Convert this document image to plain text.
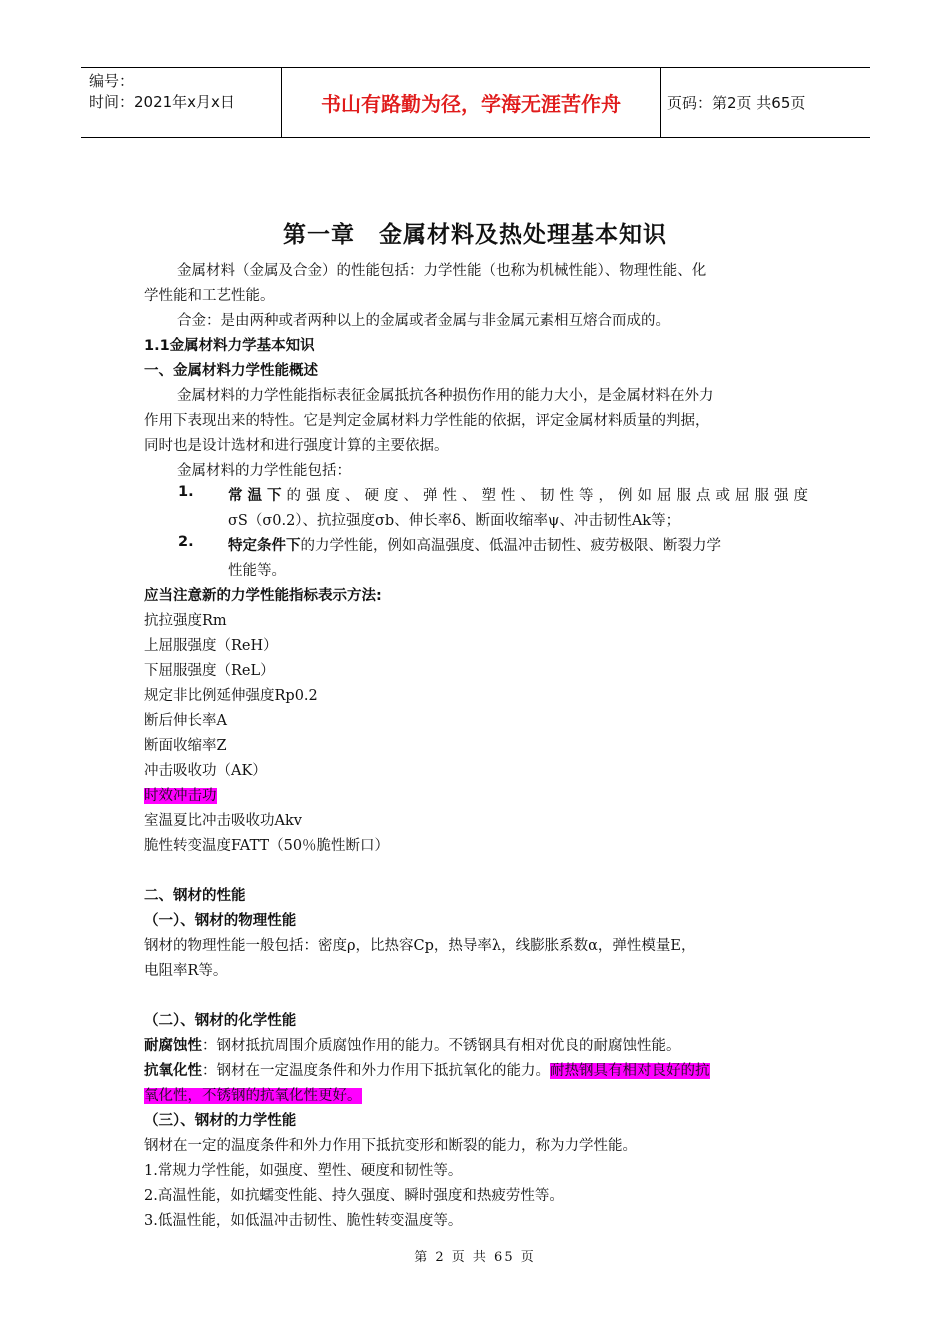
编号：
时间：2021年x月x日	书山有路勤为径，学海无涯苦作舟	页码：第2页 共65页
第一章　金属材料及热处理基本知识
金属材料（金属及合金）的性能包括：力学性能（也称为机械性能）、物理性能、化
学性能和工艺性能。
合金：是由两种或者两种以上的金属或者金属与非金属元素相互熔合而成的。
1.1金属材料力学基本知识
一、金属材料力学性能概述
金属材料的力学性能指标表征金属抵抗各种损伤作用的能力大小，是金属材料在外力
作用下表现出来的特性。它是判定金属材料力学性能的依据，评定金属材料质量的判据，
同时也是设计选材和进行强度计算的主要依据。
金属材料的力学性能包括：
1. 常温下的强度、硬度、弹性、塑性、韧性等，例如屈服点或屈服强度
σS（σ0.2）、抗拉强度σb、伸长率δ、断面收缩率ψ、冲击韧性Ak等；
2. 特定条件下的力学性能，例如高温强度、低温冲击韧性、疲劳极限、断裂力学
性能等。
应当注意新的力学性能指标表示方法:
抗拉强度Rm
上屈服强度（ReH）
下屈服强度（ReL）
规定非比例延伸强度Rp0.2
断后伸长率A
断面收缩率Z
冲击吸收功（AK）
时效冲击功
室温夏比冲击吸收功Akv
脆性转变温度FATT（50％脆性断口）
二、钢材的性能
（一）、钢材的物理性能
钢材的物理性能一般包括：密度ρ，比热容Cp，热导率λ，线膨胀系数α，弹性模量E，
电阻率R等。
（二）、钢材的化学性能
耐腐蚀性：钢材抵抗周围介质腐蚀作用的能力。不锈钢具有相对优良的耐腐蚀性能。
抗氧化性：钢材在一定温度条件和外力作用下抵抗氧化的能力。耐热钢具有相对良好的抗
氧化性，不锈钢的抗氧化性更好。
（三）、钢材的力学性能
钢材在一定的温度条件和外力作用下抵抗变形和断裂的能力，称为力学性能。
1.常规力学性能，如强度、塑性、硬度和韧性等。
2.高温性能，如抗蠕变性能、持久强度、瞬时强度和热疲劳性等。
3.低温性能，如低温冲击韧性、脆性转变温度等。
第 2 页 共 65 页
